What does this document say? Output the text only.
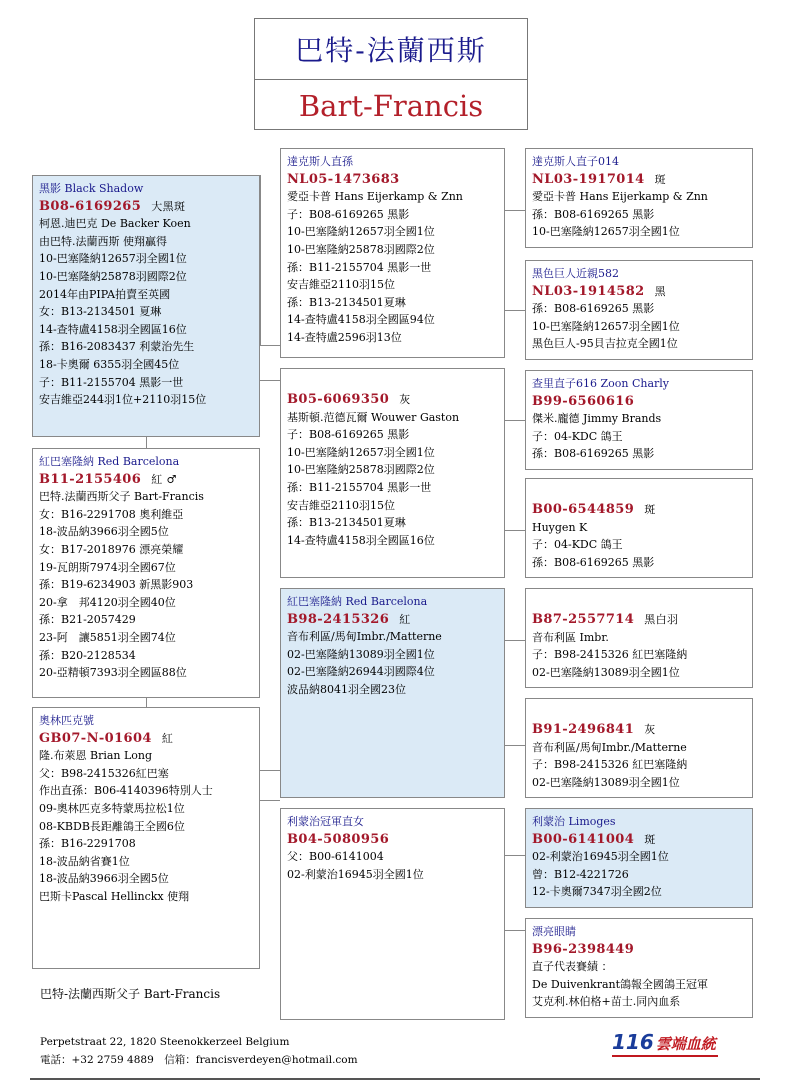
巴特-法蘭西斯
Bart-Francis
黑影 Black Shadow
B08-6169265 大黑斑
柯恩.迪巴克 De Backer Koen
由巴特.法蘭西斯 使翔贏得
10-巴塞隆納12657羽全國1位
10-巴塞隆納25878羽國際2位
2014年由PIPA拍賣至英國
女：B13-2134501 夏琳
14-查特盧4158羽全國區16位
孫：B16-2083437 利蒙治先生
18-卡奧爾 6355羽全國45位
子：B11-2155704 黑影一世
安吉維亞244羽1位+2110羽15位
紅巴塞隆納 Red Barcelona
B11-2155406 紅 ♂
巴特.法蘭西斯父子 Bart-Francis
女：B16-2291708 奧利維亞
18-波品納3966羽全國5位
女：B17-2018976 漂亮榮耀
19-瓦朗斯7974羽全國67位
孫：B19-6234903 新黑影903
20-拿　邦4120羽全國40位
孫：B21-2057429
23-阿　讓5851羽全國74位
孫：B20-2128534
20-亞精頓7393羽全國區88位
奧林匹克號
GB07-N-01604 紅
隆.布萊恩 Brian Long
父：B98-2415326紅巴塞
作出直孫：B06-4140396特別人士
09-奧林匹克多特蒙馬拉松1位
08-KBDB長距離鴿王全國6位
孫：B16-2291708
18-波品納省賽1位
18-波品納3966羽全國5位
巴斯卡Pascal Hellinckx 使翔
達克斯人直孫
NL05-1473683
愛亞卡普 Hans Eijerkamp & Znn
子：B08-6169265 黑影
10-巴塞隆納12657羽全國1位
10-巴塞隆納25878羽國際2位
孫：B11-2155704 黑影一世
安吉維亞2110羽15位
孫：B13-2134501夏琳
14-查特盧4158羽全國區94位
14-查特盧2596羽13位
B05-6069350 灰
基斯頓.范德瓦爾 Wouwer Gaston
子：B08-6169265 黑影
10-巴塞隆納12657羽全國1位
10-巴塞隆納25878羽國際2位
孫：B11-2155704 黑影一世
安吉維亞2110羽15位
孫：B13-2134501夏琳
14-查特盧4158羽全國區16位
紅巴塞隆納 Red Barcelona
B98-2415326 紅
音布利區/馬甸Imbr./Matterne
02-巴塞隆納13089羽全國1位
02-巴塞隆納26944羽國際4位
波品納8041羽全國23位
利蒙治冠軍直女
B04-5080956
父：B00-6141004
02-利蒙治16945羽全國1位
達克斯人直子014
NL03-1917014 斑
愛亞卡普 Hans Eijerkamp & Znn
孫：B08-6169265 黑影
10-巴塞隆納12657羽全國1位
黑色巨人近親582
NL03-1914582 黑
孫：B08-6169265 黑影
10-巴塞隆納12657羽全國1位
黑色巨人-95貝吉拉克全國1位
查里直子616 Zoon Charly
B99-6560616
傑米.龐德 Jimmy Brands
子：04-KDC 鴿王
孫：B08-6169265 黑影
B00-6544859 斑
Huygen K
子：04-KDC 鴿王
孫：B08-6169265 黑影
B87-2557714 黑白羽
音布利區 Imbr.
子：B98-2415326 紅巴塞隆納
02-巴塞隆納13089羽全國1位
B91-2496841 灰
音布利區/馬甸Imbr./Matterne
子：B98-2415326 紅巴塞隆納
02-巴塞隆納13089羽全國1位
利蒙治 Limoges
B00-6141004 斑
02-利蒙治16945羽全國1位
曾：B12-4221726
12-卡奧爾7347羽全國2位
漂亮眼睛
B96-2398449
直子代表賽績 ：
De Duivenkrant鴿報全國鴿王冠軍
艾克利.林伯格+苗士.同內血系
巴特-法蘭西斯父子 Bart-Francis
Perpetstraat 22, 1820 Steenokkerzeel Belgium
電話：+32 2759 4889　信箱：francisverdeyen@hotmail.com
116 雲端血統
